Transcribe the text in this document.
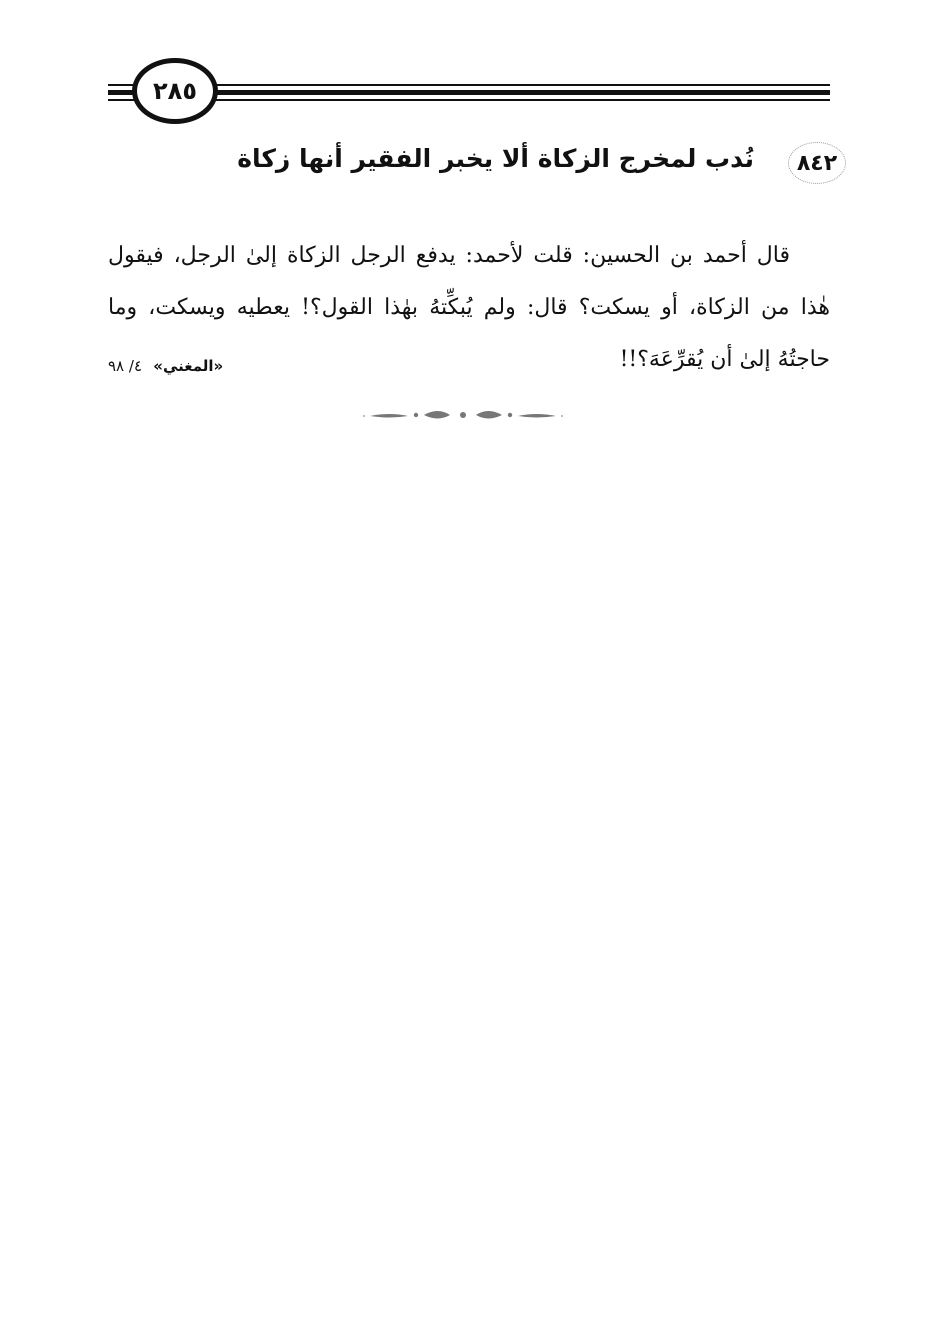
٢٨٥
٨٤٢
نُدب لمخرج الزكاة ألا يخبر الفقير أنها زكاة

قال أحمد بن الحسين: قلت لأحمد: يدفع الرجل الزكاة إلىٰ الرجل، فيقول هٰذا من الزكاة، أو يسكت؟ قال: ولم يُبكِّتهُ بهٰذا القول؟! يعطيه ويسكت، وما حاجتُهُ إلىٰ أن يُقرِّعَهَ؟!!

«المغني» ٤/ ٩٨
